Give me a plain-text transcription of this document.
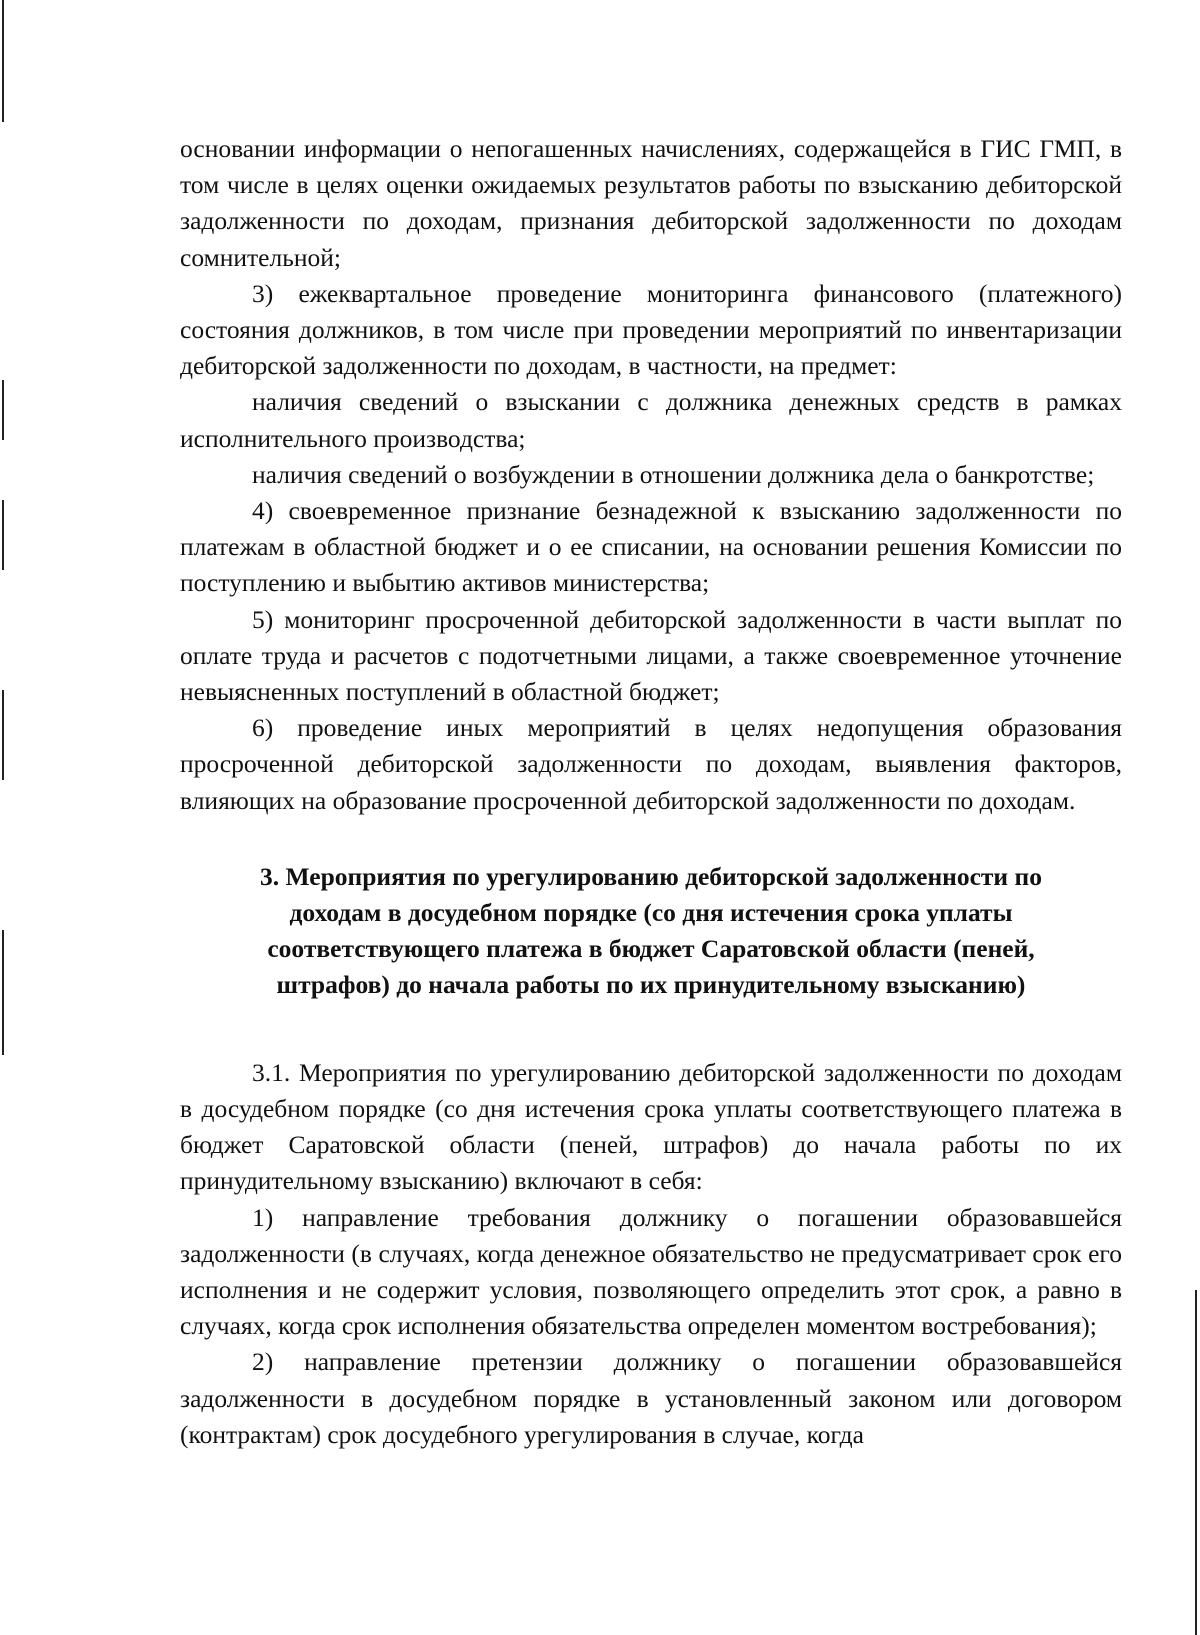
основании информации о непогашенных начислениях, содержащейся в ГИС ГМП, в том числе в целях оценки ожидаемых результатов работы по взысканию дебиторской задолженности по доходам, признания дебиторской задолженности по доходам сомнительной;

3) ежеквартальное проведение мониторинга финансового (платежного) состояния должников, в том числе при проведении мероприятий по инвентаризации дебиторской задолженности по доходам, в частности, на предмет:

наличия сведений о взыскании с должника денежных средств в рамках исполнительного производства;

наличия сведений о возбуждении в отношении должника дела о банкротстве;

4) своевременное признание безнадежной к взысканию задолженности по платежам в областной бюджет и о ее списании, на основании решения Комиссии по поступлению и выбытию активов министерства;

5) мониторинг просроченной дебиторской задолженности в части выплат по оплате труда и расчетов с подотчетными лицами, а также своевременное уточнение невыясненных поступлений в областной бюджет;

6) проведение иных мероприятий в целях недопущения образования просроченной дебиторской задолженности по доходам, выявления факторов, влияющих на образование просроченной дебиторской задолженности по доходам.

3. Мероприятия по урегулированию дебиторской задолженности по доходам в досудебном порядке (со дня истечения срока уплаты соответствующего платежа в бюджет Саратовской области (пеней, штрафов) до начала работы по их принудительному взысканию)

3.1. Мероприятия по урегулированию дебиторской задолженности по доходам в досудебном порядке (со дня истечения срока уплаты соответствующего платежа в бюджет Саратовской области (пеней, штрафов) до начала работы по их принудительному взысканию) включают в себя:

1) направление требования должнику о погашении образовавшейся задолженности (в случаях, когда денежное обязательство не предусматривает срок его исполнения и не содержит условия, позволяющего определить этот срок, а равно в случаях, когда срок исполнения обязательства определен моментом востребования);

2) направление претензии должнику о погашении образовавшейся задолженности в досудебном порядке в установленный законом или договором (контрактам) срок досудебного урегулирования в случае, когда
